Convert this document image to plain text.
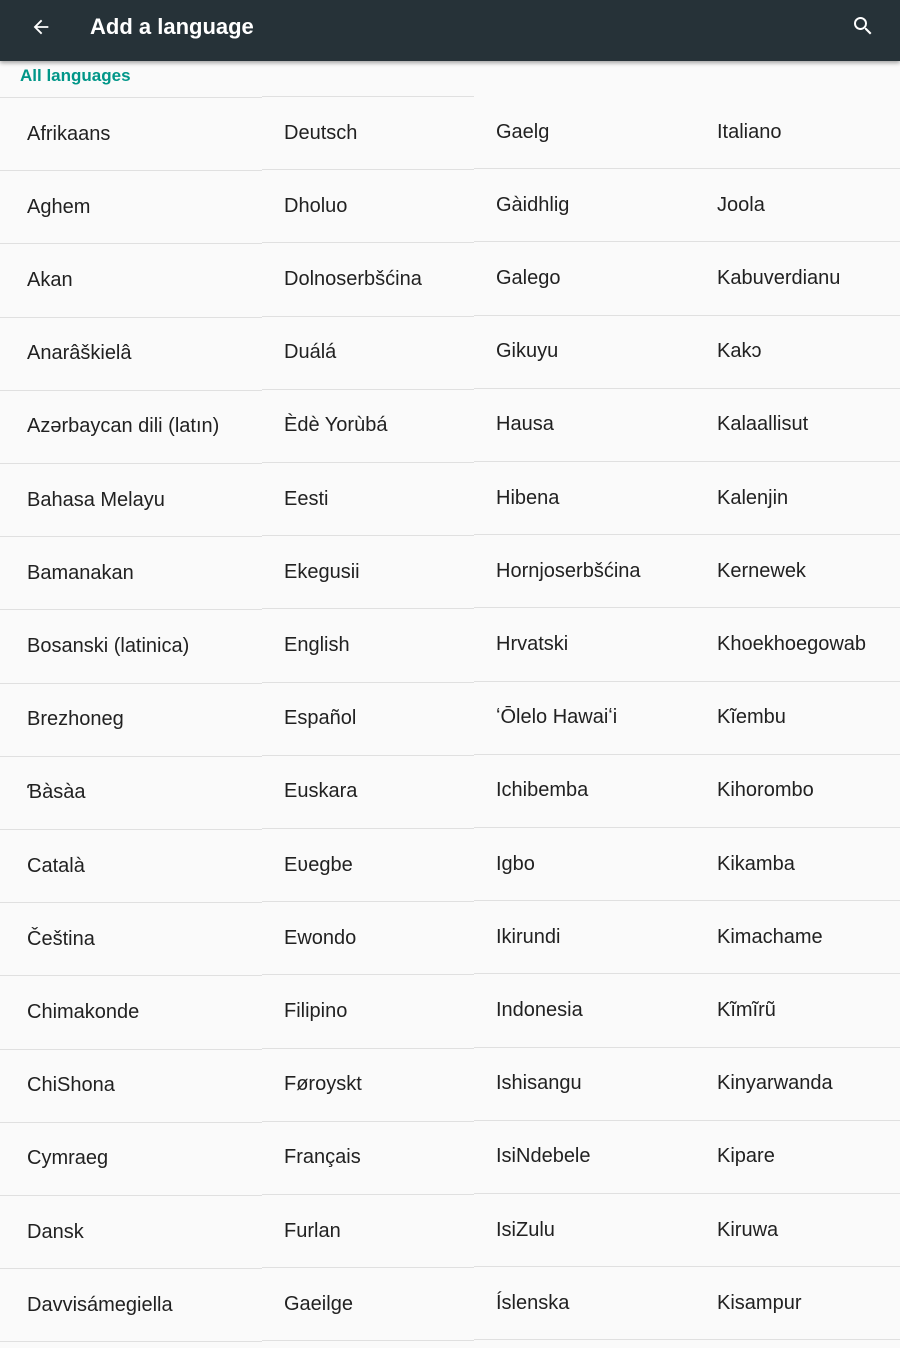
Add a language
All languages
Afrikaans
Aghem
Akan
Anarâškielâ
Azərbaycan dili (latın)
Bahasa Melayu
Bamanakan
Bosanski (latinica)
Brezhoneg
Ɓàsàa
Català
Čeština
Chimakonde
ChiShona
Cymraeg
Dansk
Davvisámegiella
Deutsch
Dholuo
Dolnoserbšćina
Duálá
Èdè Yorùbá
Eesti
Ekegusii
English
Español
Euskara
Eʋegbe
Ewondo
Filipino
Føroyskt
Français
Furlan
Gaeilge
Gaelg
Gàidhlig
Galego
Gikuyu
Hausa
Hibena
Hornjoserbšćina
Hrvatski
ʻŌlelo Hawaiʻi
Ichibemba
Igbo
Ikirundi
Indonesia
Ishisangu
IsiNdebele
IsiZulu
Íslenska
Italiano
Joola
Kabuverdianu
Kakɔ
Kalaallisut
Kalenjin
Kernewek
Khoekhoegowab
Kĩembu
Kihorombo
Kikamba
Kimachame
Kĩmĩrũ
Kinyarwanda
Kipare
Kiruwa
Kisampur
